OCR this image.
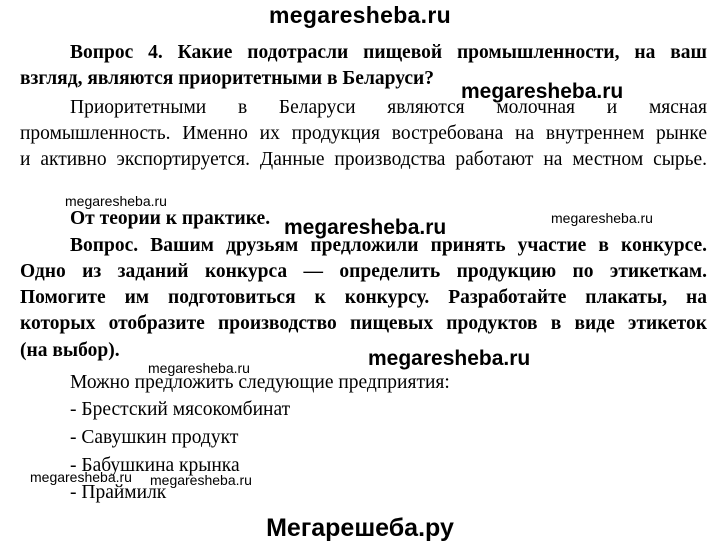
megaresheba.ru
Вопрос 4. Какие подотрасли пищевой промышленности, на ваш
взгляд, являются приоритетными в Беларуси?
Приоритетными в Беларуси являются молочная и мясная
промышленность. Именно их продукция востребована на внутреннем рынке
и активно экспортируется. Данные производства работают на местном сырье.
От теории к практике.
Вопрос. Вашим друзьям предложили принять участие в конкурсе.
Одно из заданий конкурса — определить продукцию по этикеткам.
Помогите им подготовиться к конкурсу. Разработайте плакаты, на
которых отобразите производство пищевых продуктов в виде этикеток
(на выбор).
Можно предложить следующие предприятия:
- Брестский мясокомбинат
- Савушкин продукт
- Бабушкина крынка
- Праймилк
megaresheba.ru
megaresheba.ru
megaresheba.ru	megaresheba.ru
megaresheba.ru
megaresheba.ru
megaresheba.ru megaresheba.ru
Мегарешеба.ру
